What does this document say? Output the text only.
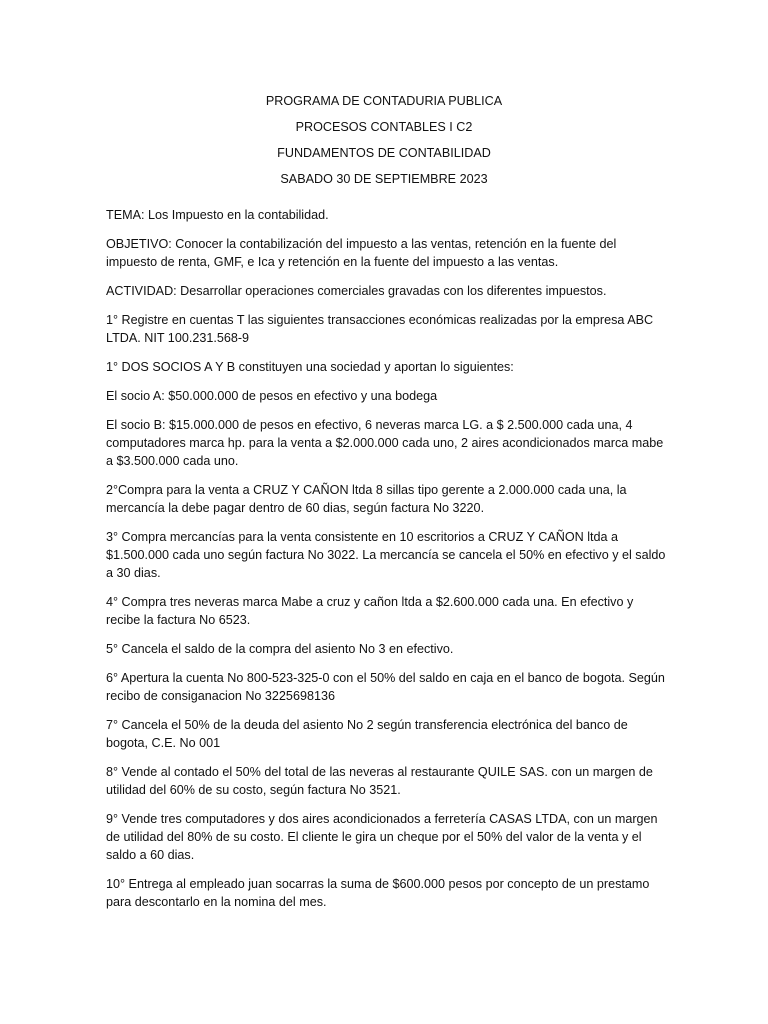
PROGRAMA DE CONTADURIA PUBLICA
PROCESOS CONTABLES I C2
FUNDAMENTOS DE CONTABILIDAD
SABADO 30 DE SEPTIEMBRE 2023

TEMA: Los Impuesto en la contabilidad.

OBJETIVO: Conocer la contabilización del impuesto a las ventas, retención en la fuente del impuesto de renta, GMF, e Ica y retención en la fuente del impuesto a las ventas.

ACTIVIDAD: Desarrollar operaciones comerciales gravadas con los diferentes impuestos.

1° Registre en cuentas T las siguientes transacciones económicas realizadas por la empresa ABC LTDA. NIT 100.231.568-9

1° DOS SOCIOS A Y B constituyen una sociedad y aportan lo siguientes:

El socio A: $50.000.000 de pesos en efectivo y una bodega

El socio B: $15.000.000 de pesos en efectivo, 6 neveras marca LG. a $ 2.500.000 cada una, 4 computadores marca hp. para la venta a $2.000.000 cada uno, 2 aires acondicionados marca mabe a $3.500.000 cada uno.

2°Compra para la venta a CRUZ Y CAÑON ltda 8 sillas tipo gerente a 2.000.000 cada una, la mercancía la debe pagar dentro de 60 dias, según factura No 3220.

3° Compra mercancías para la venta consistente en 10 escritorios a CRUZ Y CAÑON ltda a $1.500.000 cada uno según factura No 3022. La mercancía se cancela el 50% en efectivo y el saldo a 30 dias.

4° Compra tres neveras marca Mabe a cruz y cañon ltda a $2.600.000 cada una. En efectivo y recibe la factura No 6523.

5° Cancela el saldo de la compra del asiento No 3 en efectivo.

6° Apertura la cuenta No 800-523-325-0 con el 50% del saldo en caja en el banco de bogota. Según recibo de consiganacion No 3225698136

7° Cancela el 50% de la deuda del asiento No 2 según transferencia electrónica del banco de bogota, C.E. No 001

8° Vende al contado el 50% del total de las neveras al restaurante QUILE SAS. con un margen de utilidad del 60% de su costo, según factura No 3521.

9° Vende tres computadores y dos aires acondicionados a ferretería CASAS LTDA, con un margen de utilidad del 80% de su costo. El cliente le gira un cheque por el 50% del valor de la venta y el saldo a 60 dias.

10° Entrega al empleado juan socarras la suma de $600.000 pesos por concepto de un prestamo para descontarlo en la nomina del mes.
